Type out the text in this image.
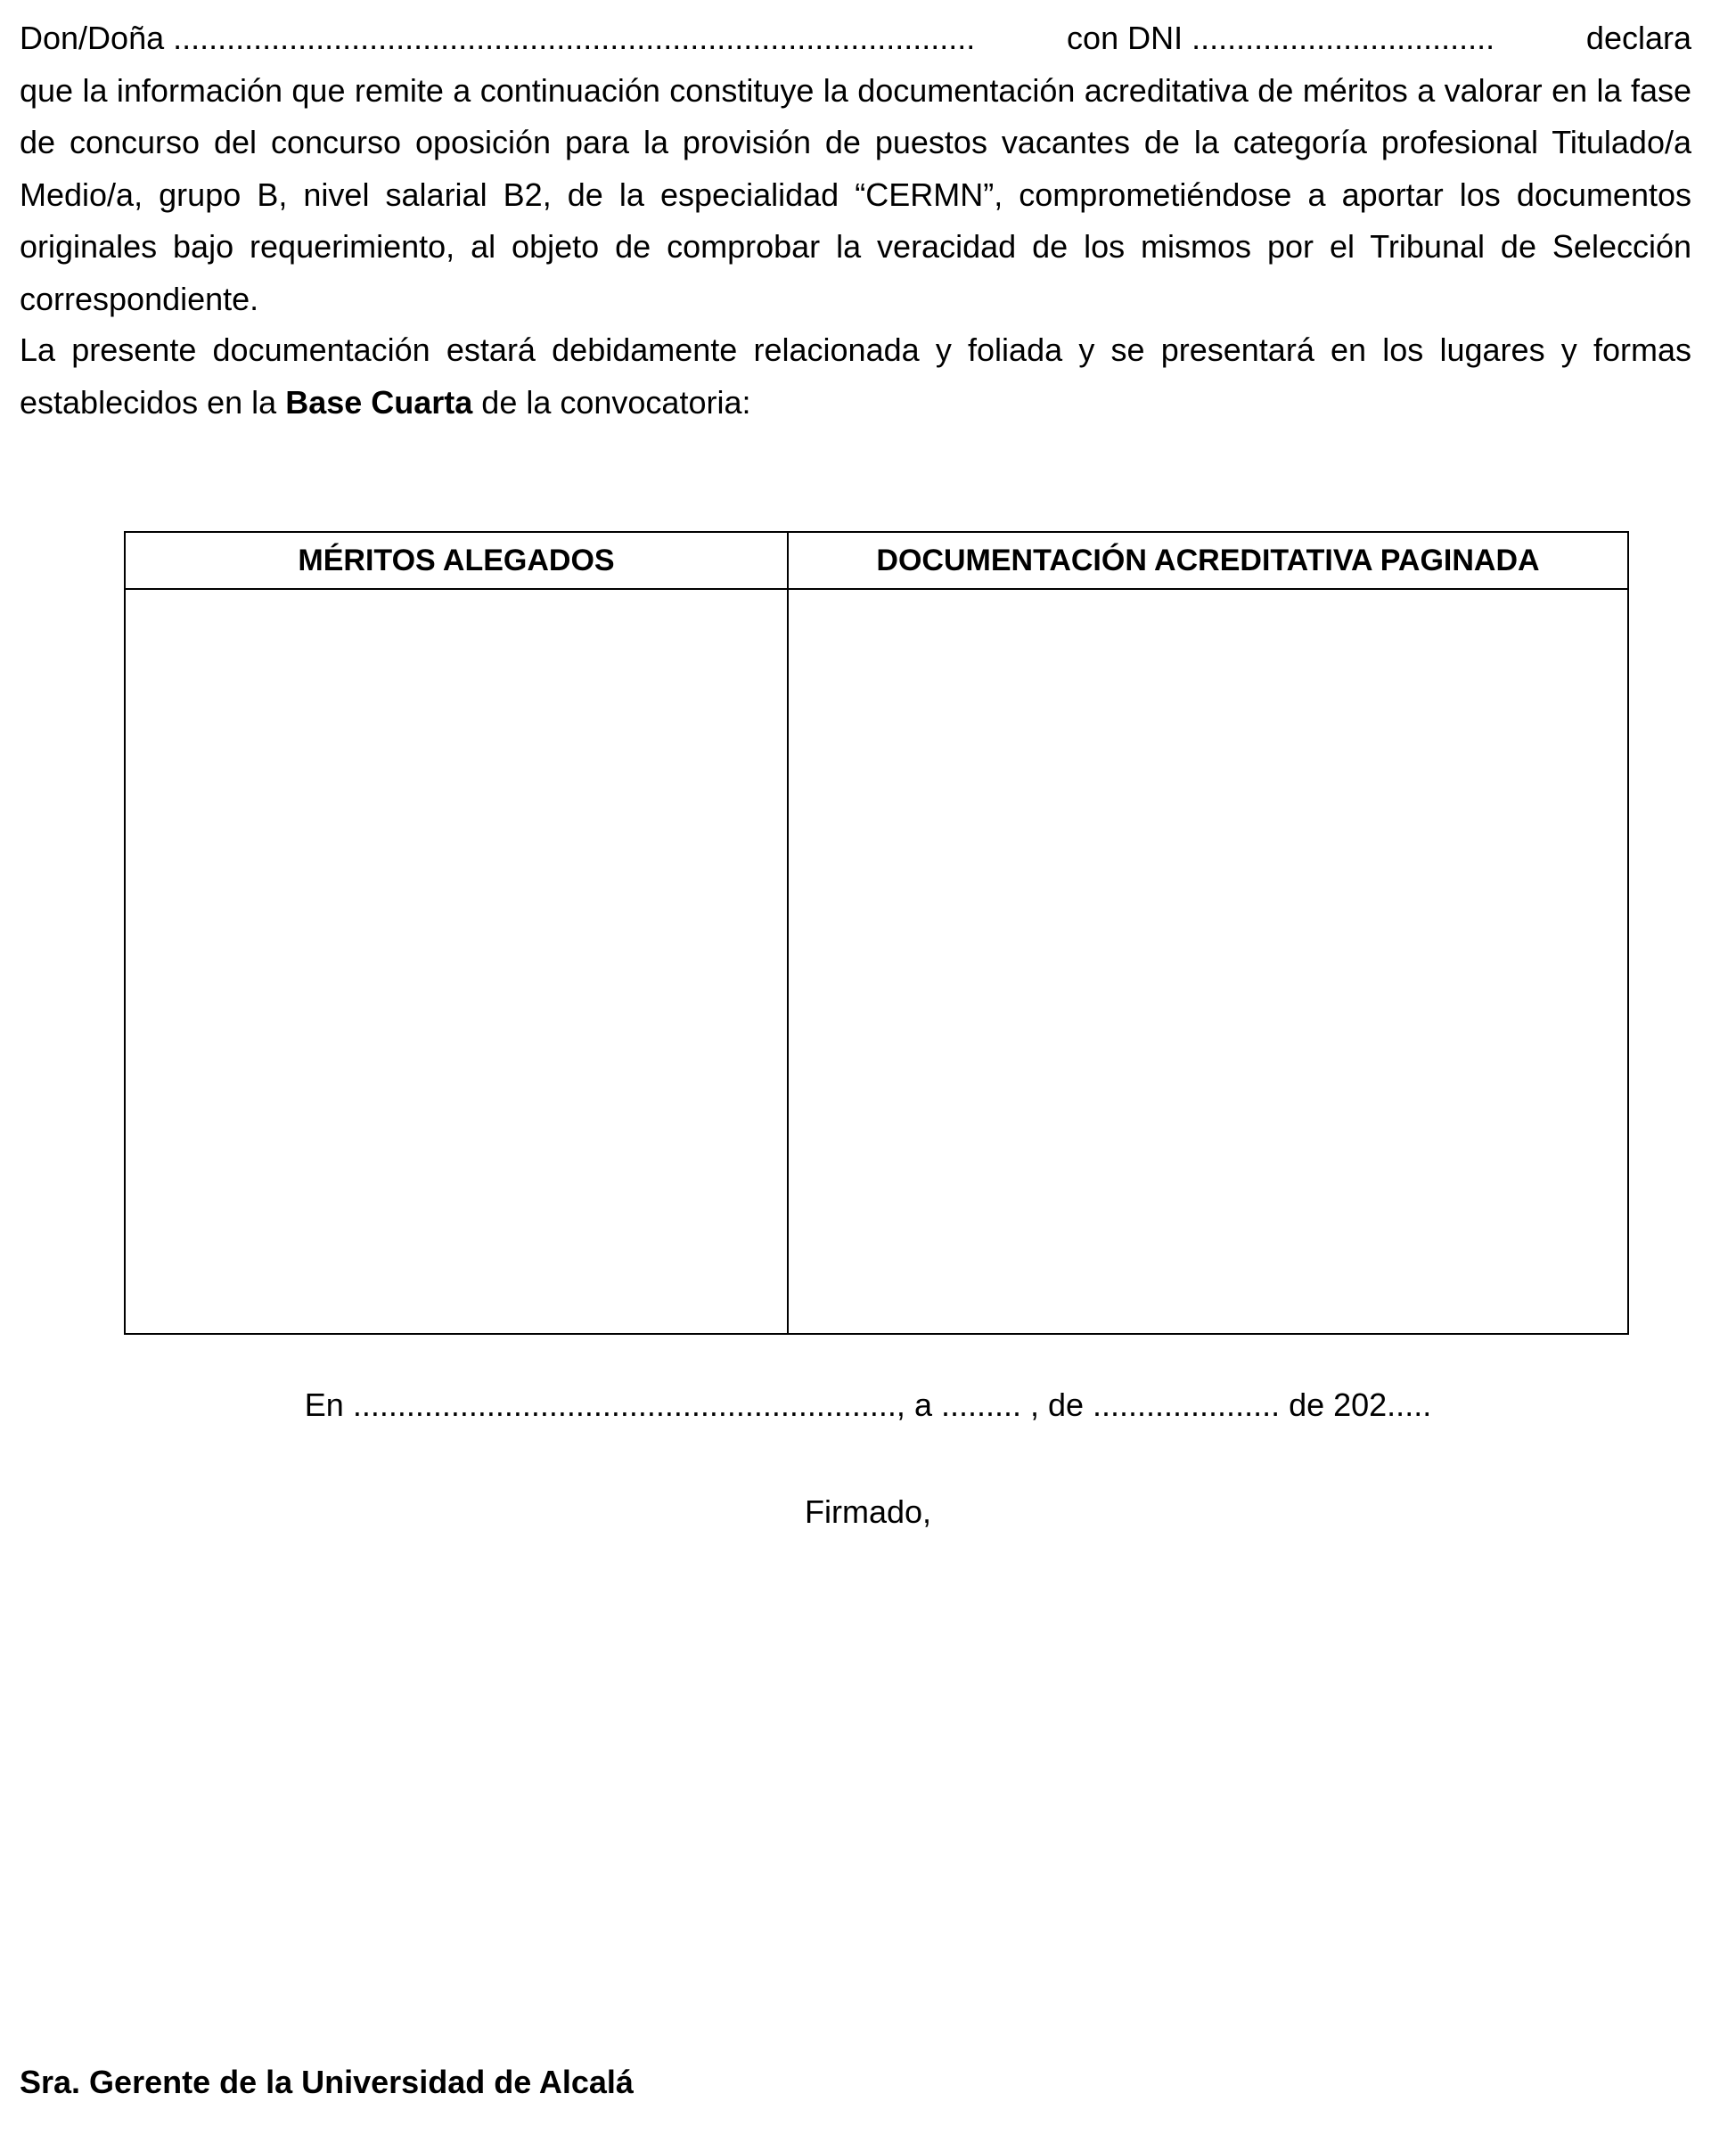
Don/Doña ..........................................................................................	con DNI ..................................	declara
que la información que remite a continuación constituye la documentación acreditativa de méritos a valorar en la fase de concurso del concurso oposición para la provisión de puestos vacantes de la categoría profesional Titulado/a Medio/a, grupo B, nivel salarial B2, de la especialidad “CERMN”, comprometiéndose a aportar los documentos originales bajo requerimiento, al objeto de comprobar la veracidad de los mismos por el Tribunal de Selección correspondiente.
La presente documentación estará debidamente relacionada y foliada y se presentará en los lugares y formas establecidos en la Base Cuarta de la convocatoria:
MÉRITOS ALEGADOS	DOCUMENTACIÓN ACREDITATIVA PAGINADA

En ............................................................., a ......... , de ..................... de 202.....
Firmado,
Sra. Gerente de la Universidad de Alcalá
